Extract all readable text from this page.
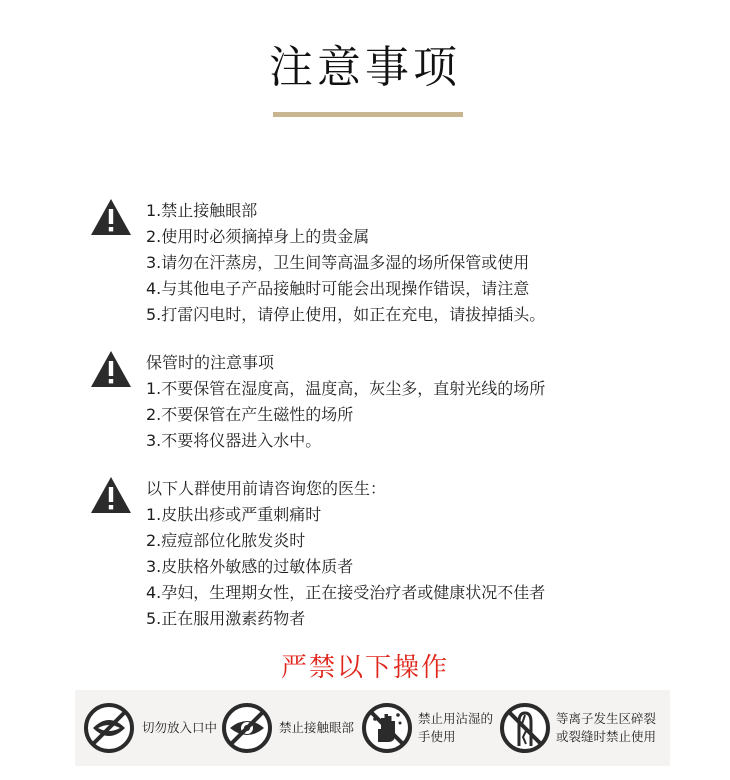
注意事项
1.禁止接触眼部
2.使用时必须摘掉身上的贵金属
3.请勿在汗蒸房，卫生间等高温多湿的场所保管或使用
4.与其他电子产品接触时可能会出现操作错误，请注意
5.打雷闪电时，请停止使用，如正在充电，请拔掉插头。
保管时的注意事项
1.不要保管在湿度高，温度高，灰尘多，直射光线的场所
2.不要保管在产生磁性的场所
3.不要将仪器进入水中。
以下人群使用前请咨询您的医生：
1.皮肤出疹或严重刺痛时
2.痘痘部位化脓发炎时
3.皮肤格外敏感的过敏体质者
4.孕妇，生理期女性，正在接受治疗者或健康状况不佳者
5.正在服用激素药物者
严禁以下操作
切勿放入口中	禁止接触眼部
禁止用沾湿的
手使用
等离子发生区碎裂
或裂缝时禁止使用
